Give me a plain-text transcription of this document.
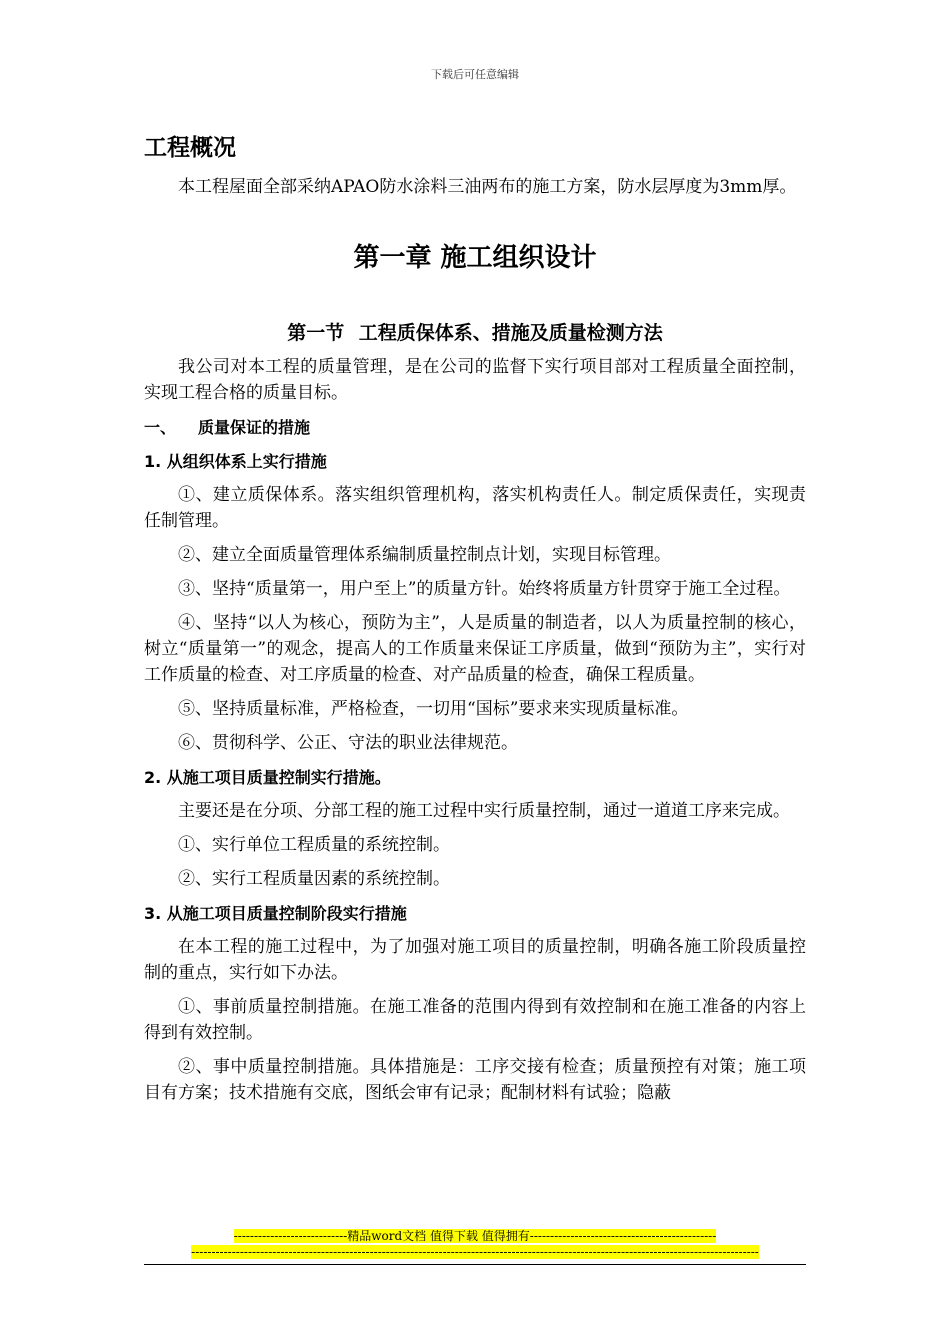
下载后可任意编辑
工程概况

本工程屋面全部采纳APAO防水涂料三油两布的施工方案，防水层厚度为3mm厚。

第一章 施工组织设计
第一节 工程质保体系、措施及质量检测方法

我公司对本工程的质量管理，是在公司的监督下实行项目部对工程质量全面控制，实现工程合格的质量目标。

一、 质量保证的措施
1. 从组织体系上实行措施

①、建立质保体系。落实组织管理机构，落实机构责任人。制定质保责任，实现责任制管理。

②、建立全面质量管理体系编制质量控制点计划，实现目标管理。

③、坚持“质量第一，用户至上”的质量方针。始终将质量方针贯穿于施工全过程。

④、坚持“以人为核心，预防为主”，人是质量的制造者，以人为质量控制的核心，树立“质量第一”的观念，提高人的工作质量来保证工序质量，做到“预防为主”，实行对工作质量的检查、对工序质量的检查、对产品质量的检查，确保工程质量。

⑤、坚持质量标准，严格检查，一切用“国标”要求来实现质量标准。

⑥、贯彻科学、公正、守法的职业法律规范。

2. 从施工项目质量控制实行措施。

主要还是在分项、分部工程的施工过程中实行质量控制，通过一道道工序来完成。

①、实行单位工程质量的系统控制。

②、实行工程质量因素的系统控制。

3. 从施工项目质量控制阶段实行措施

在本工程的施工过程中，为了加强对施工项目的质量控制，明确各施工阶段质量控制的重点，实行如下办法。

①、事前质量控制措施。在施工准备的范围内得到有效控制和在施工准备的内容上得到有效控制。

②、事中质量控制措施。具体措施是：工序交接有检查；质量预控有对策；施工项目有方案；技术措施有交底，图纸会审有记录；配制材料有试验；隐蔽

----------------------------精品word文档 值得下载 值得拥有----------------------------------------------
--------------------------------------------------------------------------------------------------------------------------------------------
